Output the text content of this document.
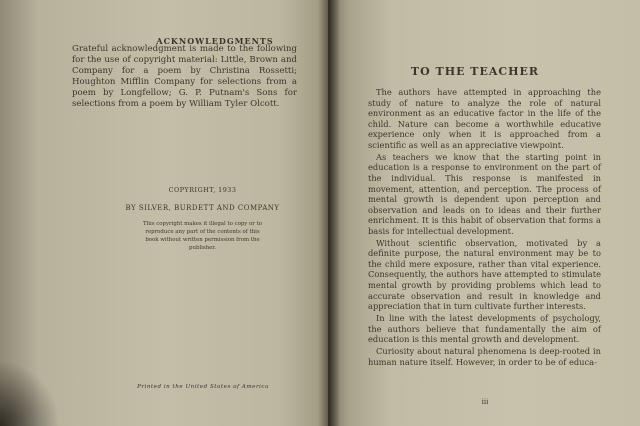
ACKNOWLEDGMENTS

Grateful acknowledgment is made to the following for the use of copyright material: Little, Brown and Company for a poem by Christina Rossetti; Houghton Mifflin Company for selections from a poem by Longfellow; G. P. Putnam's Sons for selections from a poem by William Tyler Olcott.

COPYRIGHT, 1933
BY SILVER, BURDETT AND COMPANY
This copyright makes it illegal to copy or to reproduce any part of the contents of this book without written permission from the publisher.
Printed in the United States of America
TO THE TEACHER

The authors have attempted in approaching the study of nature to analyze the role of natural environment as an educative factor in the life of the child. Nature can become a worthwhile educative experience only when it is approached from a scientific as well as an appreciative viewpoint.

As teachers we know that the starting point in education is a response to environment on the part of the individual. This response is manifested in movement, attention, and perception. The process of mental growth is dependent upon perception and observation and leads on to ideas and their further enrichment. It is this habit of observation that forms a basis for intellectual development.

Without scientific observation, motivated by a definite purpose, the natural environment may be to the child mere exposure, rather than vital experience. Consequently, the authors have attempted to stimulate mental growth by providing problems which lead to accurate observation and result in knowledge and appreciation that in turn cultivate further interests.

In line with the latest developments of psychology, the authors believe that fundamentally the aim of education is this mental growth and development.

Curiosity about natural phenomena is deep-rooted in human nature itself. However, in order to be of educa-

iii
